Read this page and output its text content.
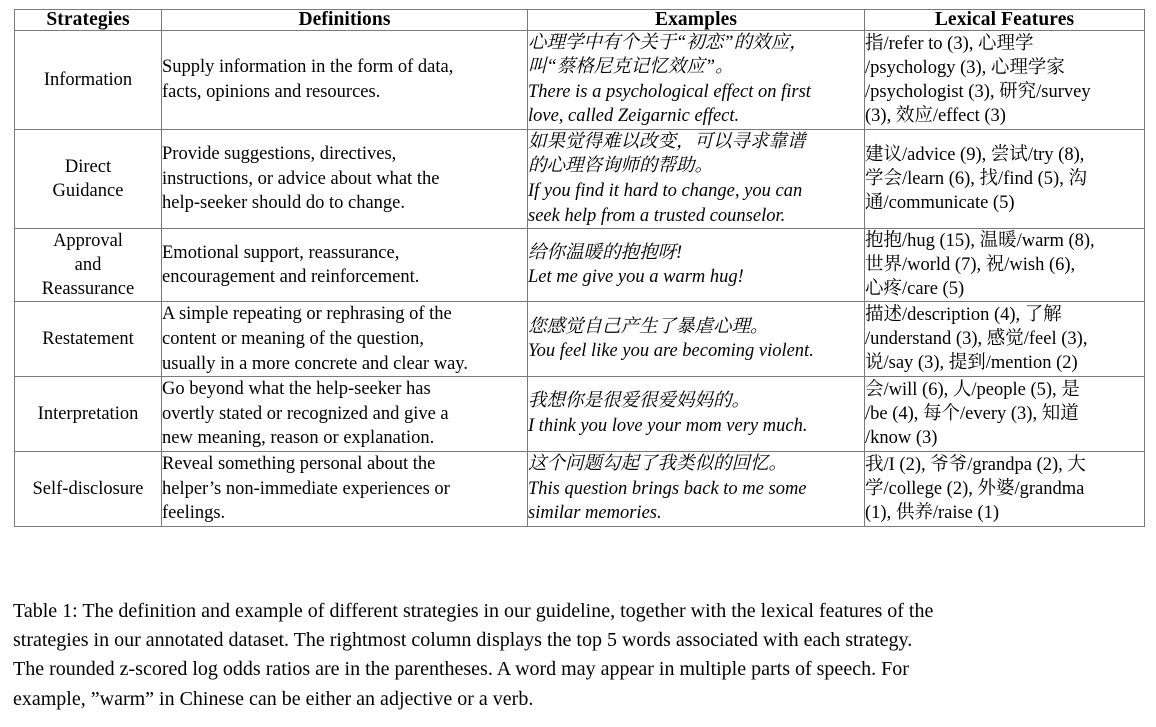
Strategies	Definitions	Examples	Lexical Features

Information	Supply information in the form of data,
facts, opinions and resources.	心理学中有个关于“初恋”的效应，
叫“蔡格尼克记忆效应”。
There is a psychological effect on first
love, called Zeigarnic effect.	指/refer to (3), 心理学
/psychology (3), 心理学家
/psychologist (3), 研究/survey
(3), 效应/effect (3)

Direct
Guidance	Provide suggestions, directives,
instructions, or advice about what the
help-seeker should do to change.	如果觉得难以改变，可以寻求靠谱
的心理咨询师的帮助。
If you find it hard to change, you can
seek help from a trusted counselor.	建议/advice (9), 尝试/try (8),
学会/learn (6), 找/find (5), 沟
通/communicate (5)

Approval
and
Reassurance	Emotional support, reassurance,
encouragement and reinforcement.	给你温暖的抱抱呀!
Let me give you a warm hug!	抱抱/hug (15), 温暖/warm (8),
世界/world (7), 祝/wish (6),
心疼/care (5)

Restatement	A simple repeating or rephrasing of the
content or meaning of the question,
usually in a more concrete and clear way.	您感觉自己产生了暴虐心理。
You feel like you are becoming violent.	描述/description (4), 了解
/understand (3), 感觉/feel (3),
说/say (3), 提到/mention (2)

Interpretation	Go beyond what the help-seeker has
overtly stated or recognized and give a
new meaning, reason or explanation.	我想你是很爱很爱妈妈的。
I think you love your mom very much.	会/will (6), 人/people (5), 是
/be (4), 每个/every (3), 知道
/know (3)

Self-disclosure	Reveal something personal about the
helper’s non-immediate experiences or
feelings.	这个问题勾起了我类似的回忆。
This question brings back to me some
similar memories.	我/I (2), 爷爷/grandpa (2), 大
学/college (2), 外婆/grandma
(1), 供养/raise (1)
Table 1: The definition and example of different strategies in our guideline, together with the lexical features of the
strategies in our annotated dataset. The rightmost column displays the top 5 words associated with each strategy.
The rounded z-scored log odds ratios are in the parentheses. A word may appear in multiple parts of speech. For
example, ”warm” in Chinese can be either an adjective or a verb.
